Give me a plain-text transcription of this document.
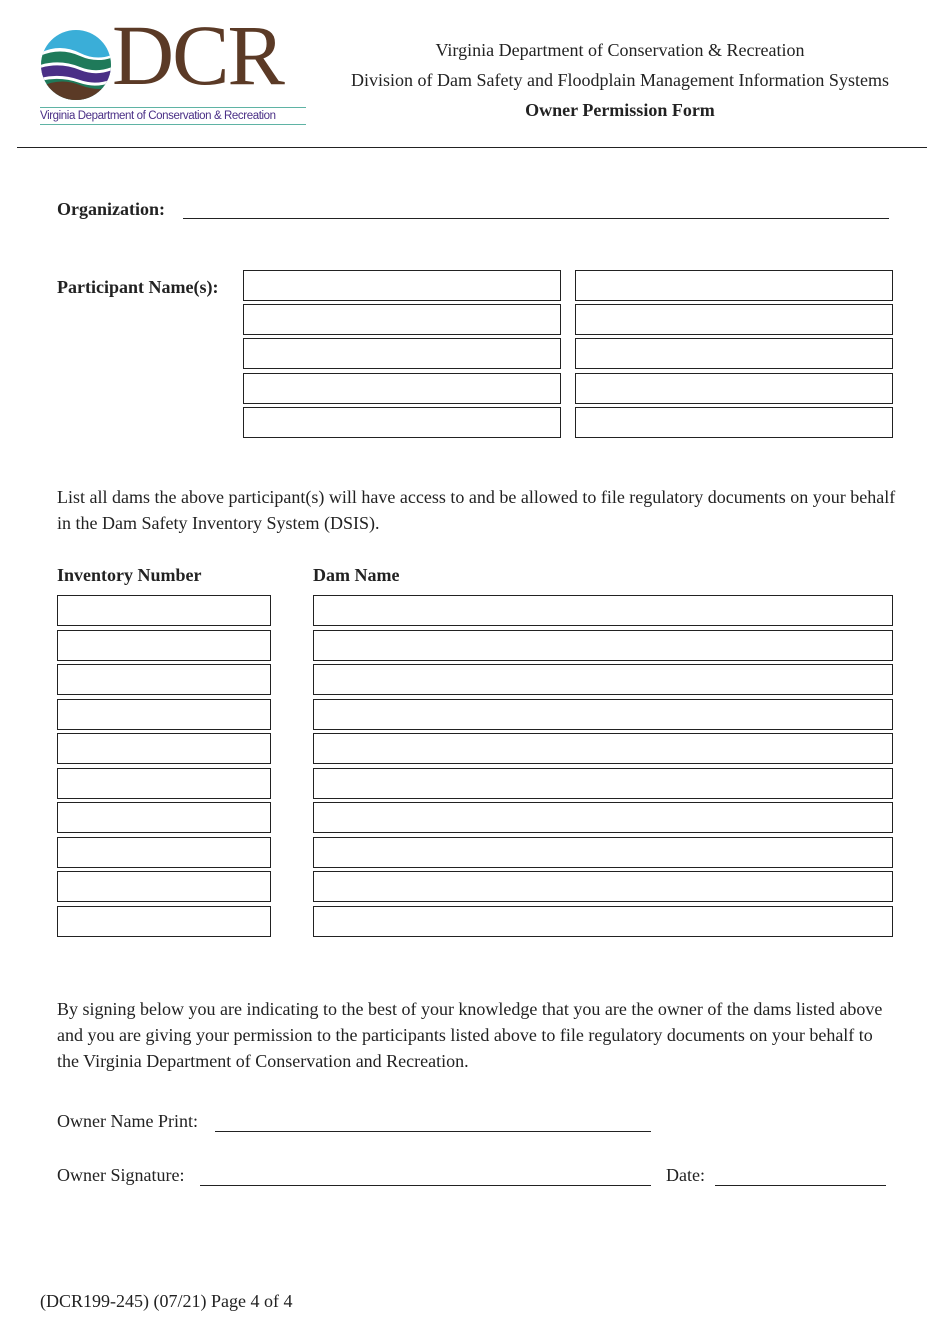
DCR
Virginia Department of Conservation & Recreation
Virginia Department of Conservation & Recreation
Division of Dam Safety and Floodplain Management Information Systems
Owner Permission Form
Organization:
Participant Name(s):
List all dams the above participant(s) will have access to and be allowed to file regulatory documents on your behalf in the Dam Safety Inventory System (DSIS).
Inventory Number	Dam Name
By signing below you are indicating to the best of your knowledge that you are the owner of the dams listed above and you are giving your permission to the participants listed above to file regulatory documents on your behalf to the Virginia Department of Conservation and Recreation.
Owner Name Print:
Owner Signature:	Date:
(DCR199-245) (07/21) Page 4 of 4
